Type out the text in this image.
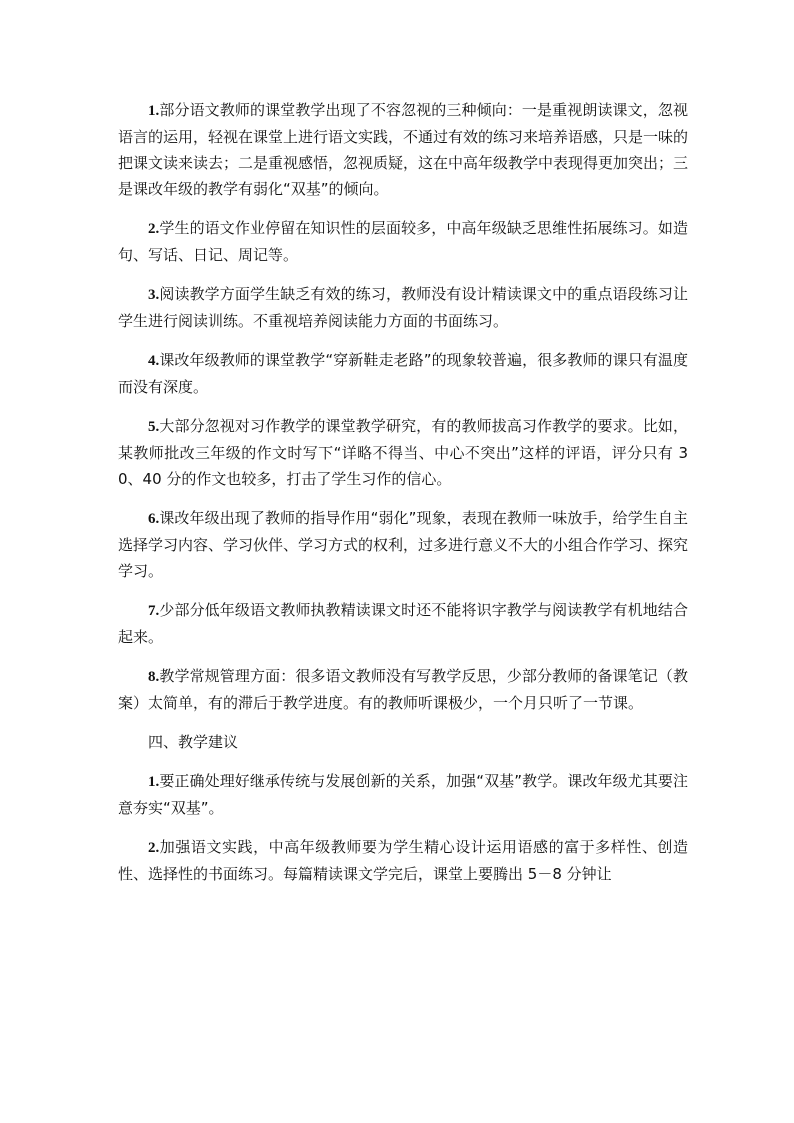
1.部分语文教师的课堂教学出现了不容忽视的三种倾向：一是重视朗读课文，忽视语言的运用，轻视在课堂上进行语文实践，不通过有效的练习来培养语感，只是一味的把课文读来读去；二是重视感悟，忽视质疑，这在中高年级教学中表现得更加突出；三是课改年级的教学有弱化“双基”的倾向。

2.学生的语文作业停留在知识性的层面较多，中高年级缺乏思维性拓展练习。如造句、写话、日记、周记等。

3.阅读教学方面学生缺乏有效的练习，教师没有设计精读课文中的重点语段练习让学生进行阅读训练。不重视培养阅读能力方面的书面练习。

4.课改年级教师的课堂教学“穿新鞋走老路”的现象较普遍，很多教师的课只有温度而没有深度。

5.大部分忽视对习作教学的课堂教学研究，有的教师拔高习作教学的要求。比如，某教师批改三年级的作文时写下“详略不得当、中心不突出”这样的评语，评分只有 30、40 分的作文也较多，打击了学生习作的信心。

6.课改年级出现了教师的指导作用“弱化”现象，表现在教师一味放手，给学生自主选择学习内容、学习伙伴、学习方式的权利，过多进行意义不大的小组合作学习、探究学习。

7.少部分低年级语文教师执教精读课文时还不能将识字教学与阅读教学有机地结合起来。

8.教学常规管理方面：很多语文教师没有写教学反思，少部分教师的备课笔记（教案）太简单，有的滞后于教学进度。有的教师听课极少，一个月只听了一节课。

四、教学建议

1.要正确处理好继承传统与发展创新的关系，加强“双基”教学。课改年级尤其要注意夯实“双基”。

2.加强语文实践，中高年级教师要为学生精心设计运用语感的富于多样性、创造性、选择性的书面练习。每篇精读课文学完后，课堂上要腾出 5－8 分钟让
